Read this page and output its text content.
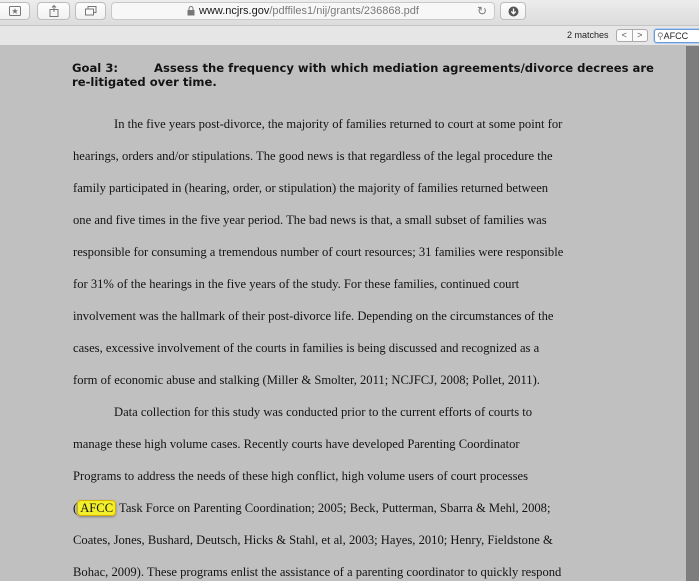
www.ncjrs.gov /pdffiles1/nij/grants/236868.pdf	↻
2 matches	<	>	⚲AFCC
Goal 3:	Assess the frequency with which mediation agreements/divorce decrees are
re-litigated over time.
In the five years post-divorce, the majority of families returned to court at some point for
hearings, orders and/or stipulations. The good news is that regardless of the legal procedure the
family participated in (hearing, order, or stipulation) the majority of families returned between
one and five times in the five year period. The bad news is that, a small subset of families was
responsible for consuming a tremendous number of court resources; 31 families were responsible
for 31% of the hearings in the five years of the study. For these families, continued court
involvement was the hallmark of their post-divorce life. Depending on the circumstances of the
cases, excessive involvement of the courts in families is being discussed and recognized as a
form of economic abuse and stalking (Miller & Smolter, 2011; NCJFCJ, 2008; Pollet, 2011).
Data collection for this study was conducted prior to the current efforts of courts to
manage these high volume cases. Recently courts have developed Parenting Coordinator
Programs to address the needs of these high conflict, high volume users of court processes
( AFCC Task Force on Parenting Coordination; 2005; Beck, Putterman, Sbarra & Mehl, 2008;
Coates, Jones, Bushard, Deutsch, Hicks & Stahl, et al, 2003; Hayes, 2010; Henry, Fieldstone &
Bohac, 2009). These programs enlist the assistance of a parenting coordinator to quickly respond
